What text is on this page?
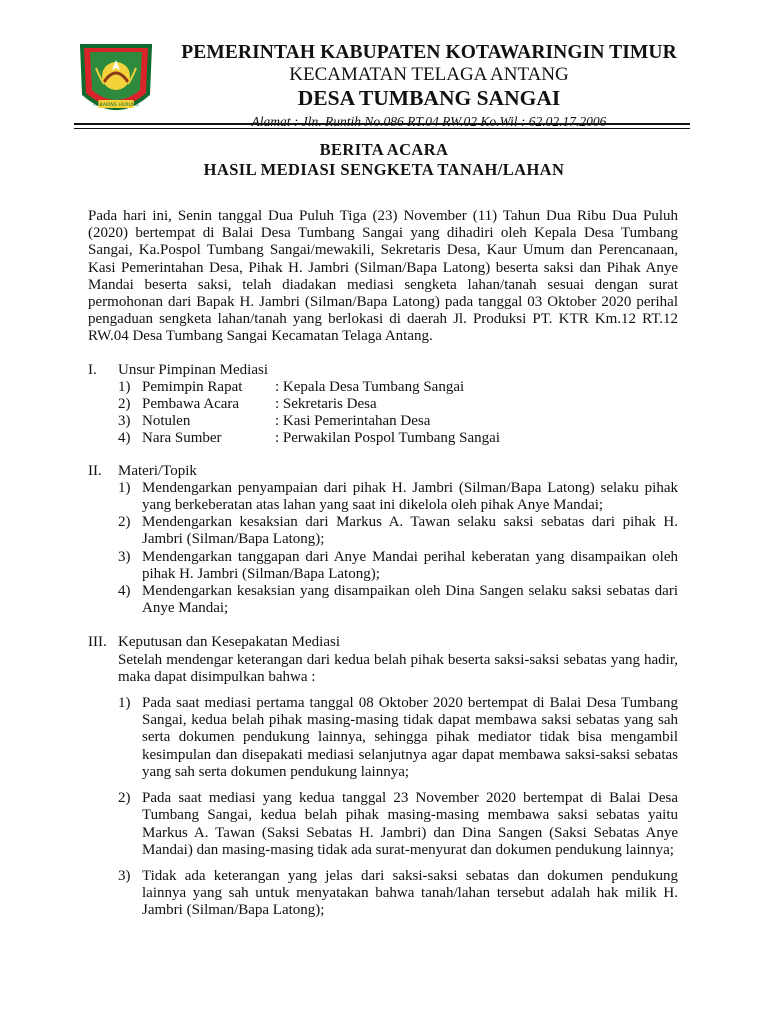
HABARING HURUNG
PEMERINTAH KABUPATEN KOTAWARINGIN TIMUR
KECAMATAN TELAGA ANTANG
DESA TUMBANG SANGAI
Alamat : Jln. Runtih No.086 RT.04 RW.02 Ko.Wil : 62.02.17.2006
BERITA ACARA
HASIL MEDIASI SENGKETA TANAH/LAHAN
Pada hari ini, Senin tanggal Dua Puluh Tiga (23) November (11) Tahun Dua Ribu Dua Puluh (2020) bertempat di Balai Desa Tumbang Sangai yang dihadiri oleh Kepala Desa Tumbang Sangai, Ka.Pospol Tumbang Sangai/mewakili, Sekretaris Desa, Kaur Umum dan Perencanaan, Kasi Pemerintahan Desa, Pihak H. Jambri (Silman/Bapa Latong) beserta saksi dan Pihak Anye Mandai beserta saksi, telah diadakan mediasi sengketa lahan/tanah sesuai dengan surat permohonan dari Bapak H. Jambri (Silman/Bapa Latong) pada tanggal 03 Oktober 2020 perihal pengaduan sengketa lahan/tanah yang berlokasi di daerah Jl. Produksi PT. KTR Km.12 RT.12 RW.04 Desa Tumbang Sangai Kecamatan Telaga Antang.
I.	Unsur Pimpinan Mediasi
1) Pemimpin Rapat	: Kepala Desa Tumbang Sangai
2) Pembawa Acara	: Sekretaris Desa
3) Notulen	: Kasi Pemerintahan Desa
4) Nara Sumber	: Perwakilan Pospol Tumbang Sangai
II.	Materi/Topik
1) Mendengarkan penyampaian dari pihak H. Jambri (Silman/Bapa Latong) selaku pihak yang berkeberatan atas lahan yang saat ini dikelola oleh pihak Anye Mandai;
2) Mendengarkan kesaksian dari Markus A. Tawan selaku saksi sebatas dari pihak H. Jambri (Silman/Bapa Latong);
3) Mendengarkan tanggapan dari Anye Mandai perihal keberatan yang disampaikan oleh pihak H. Jambri (Silman/Bapa Latong);
4) Mendengarkan kesaksian yang disampaikan oleh Dina Sangen selaku saksi sebatas dari Anye Mandai;
III. Keputusan dan Kesepakatan Mediasi
Setelah mendengar keterangan dari kedua belah pihak beserta saksi-saksi sebatas yang hadir, maka dapat disimpulkan bahwa :
1) Pada saat mediasi pertama tanggal 08 Oktober 2020 bertempat di Balai Desa Tumbang Sangai, kedua belah pihak masing-masing tidak dapat membawa saksi sebatas yang sah serta dokumen pendukung lainnya, sehingga pihak mediator tidak bisa mengambil kesimpulan dan disepakati mediasi selanjutnya agar dapat membawa saksi-saksi sebatas yang sah serta dokumen pendukung lainnya;
2) Pada saat mediasi yang kedua tanggal 23 November 2020 bertempat di Balai Desa Tumbang Sangai, kedua belah pihak masing-masing membawa saksi sebatas yaitu Markus A. Tawan (Saksi Sebatas H. Jambri) dan Dina Sangen (Saksi Sebatas Anye Mandai) dan masing-masing tidak ada surat-menyurat dan dokumen pendukung lainnya;
3) Tidak ada keterangan yang jelas dari saksi-saksi sebatas dan dokumen pendukung lainnya yang sah untuk menyatakan bahwa tanah/lahan tersebut adalah hak milik H. Jambri (Silman/Bapa Latong);
